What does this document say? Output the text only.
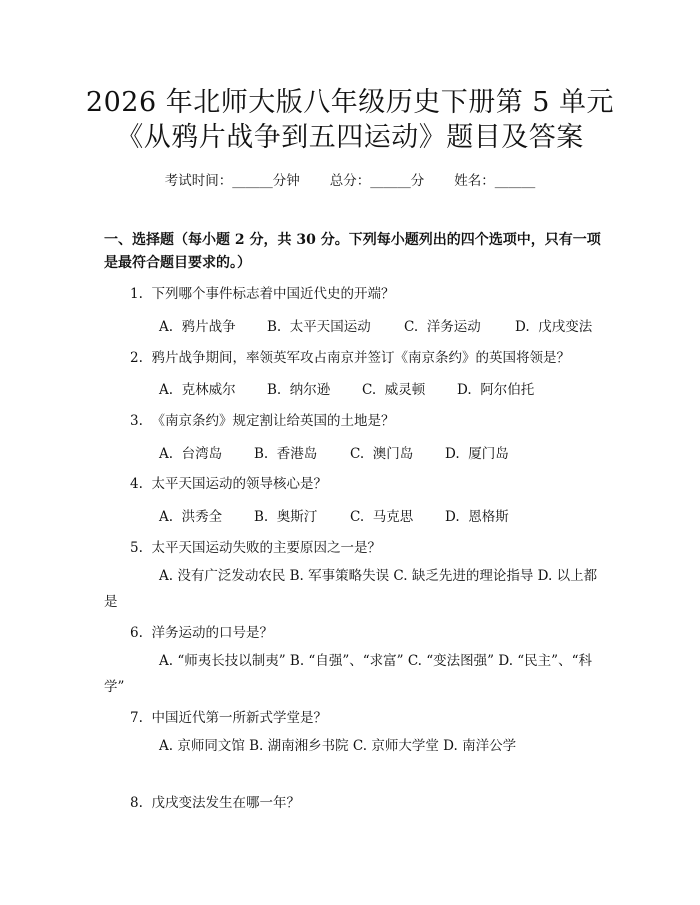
2026 年北师大版八年级历史下册第 5 单元
《从鸦片战争到五四运动》题目及答案
考试时间：______分钟 总分：______分 姓名：______
一、选择题（每小题 2 分，共 30 分。下列每小题列出的四个选项中，只有一项是最符合题目要求的。）
1.  下列哪个事件标志着中国近代史的开端？
A.  鸦片战争 B.  太平天国运动 C.  洋务运动	D.  戊戌变法
2.  鸦片战争期间，率领英军攻占南京并签订《南京条约》的英国将领是？
A.  克林威尔 B.  纳尔逊 C.  威灵顿 D.  阿尔伯托
3.  《南京条约》规定割让给英国的土地是？
A.  台湾岛 B.  香港岛 C.  澳门岛 D.  厦门岛
4.  太平天国运动的领导核心是？
A.  洪秀全 B.  奥斯汀 C.  马克思 D.  恩格斯
5.  太平天国运动失败的主要原因之一是？
A. 没有广泛发动农民 B. 军事策略失误 C. 缺乏先进的理论指导 D. 以上都是
6.  洋务运动的口号是？
A. “师夷长技以制夷” B. “自强”、“求富” C. “变法图强” D. “民主”、“科学”
7.  中国近代第一所新式学堂是？
A. 京师同文馆 B. 湖南湘乡书院 C. 京师大学堂 D. 南洋公学
8.  戊戌变法发生在哪一年？
